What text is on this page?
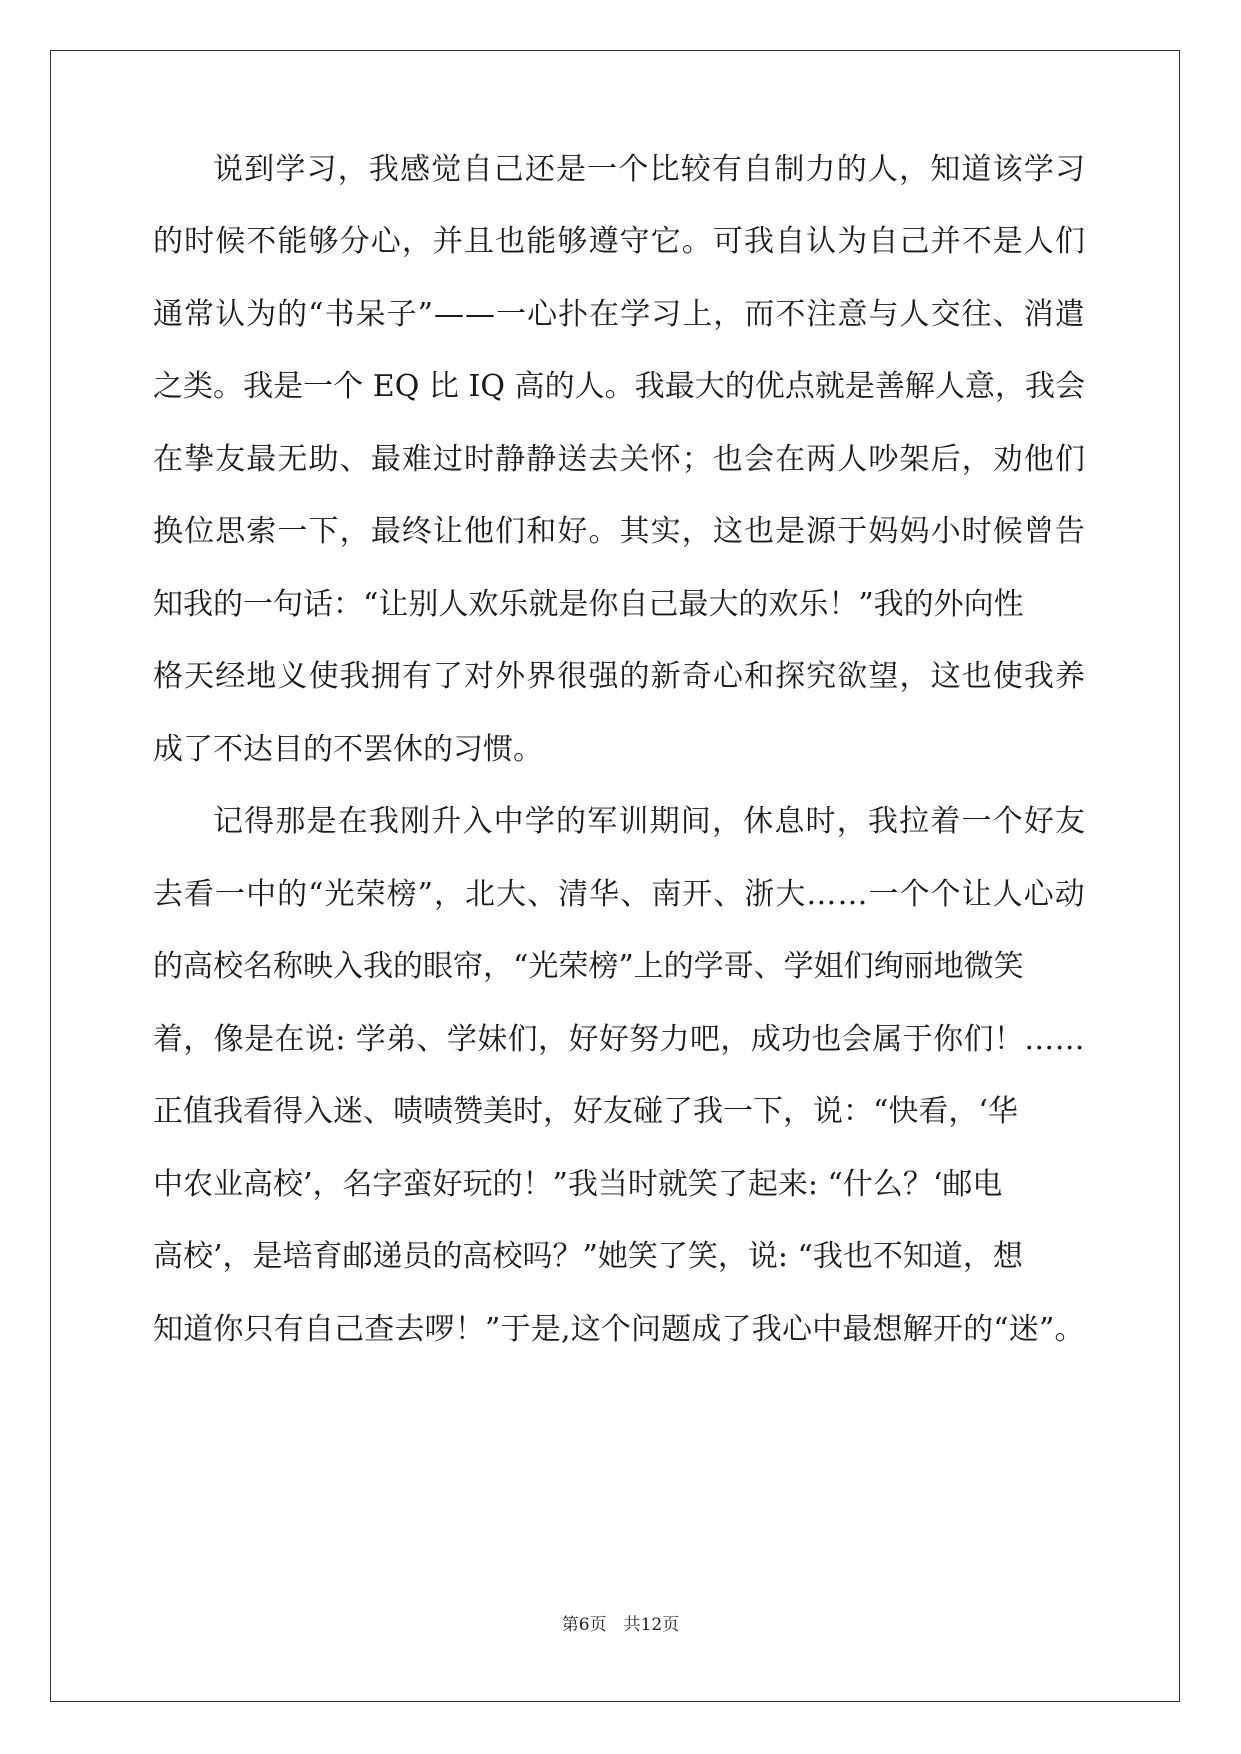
说到学习，我感觉自己还是一个比较有自制力的人，知道该学习
的时候不能够分心，并且也能够遵守它。可我自认为自己并不是人们
通常认为的“书呆子”——一心扑在学习上，而不注意与人交往、消遣
之类。我是一个 EQ 比 IQ 高的人。我最大的优点就是善解人意，我会
在挚友最无助、最难过时静静送去关怀；也会在两人吵架后，劝他们
换位思索一下，最终让他们和好。其实，这也是源于妈妈小时候曾告
知我的一句话：“让别人欢乐就是你自己最大的欢乐！”我的外向性
格天经地义使我拥有了对外界很强的新奇心和探究欲望，这也使我养
成了不达目的不罢休的习惯。
记得那是在我刚升入中学的军训期间，休息时，我拉着一个好友
去看一中的“光荣榜”，北大、清华、南开、浙大……一个个让人心动
的高校名称映入我的眼帘，“光荣榜”上的学哥、学姐们绚丽地微笑
着，像是在说: 学弟、学妹们，好好努力吧，成功也会属于你们！……
正值我看得入迷、啧啧赞美时，好友碰了我一下，说：“快看，‘华
中农业高校’，名字蛮好玩的！”我当时就笑了起来: “什么？‘邮电
高校’，是培育邮递员的高校吗？”她笑了笑，说: “我也不知道，想
知道你只有自己查去啰！”于是,这个问题成了我心中最想解开的“迷”。
第6页　共12页
